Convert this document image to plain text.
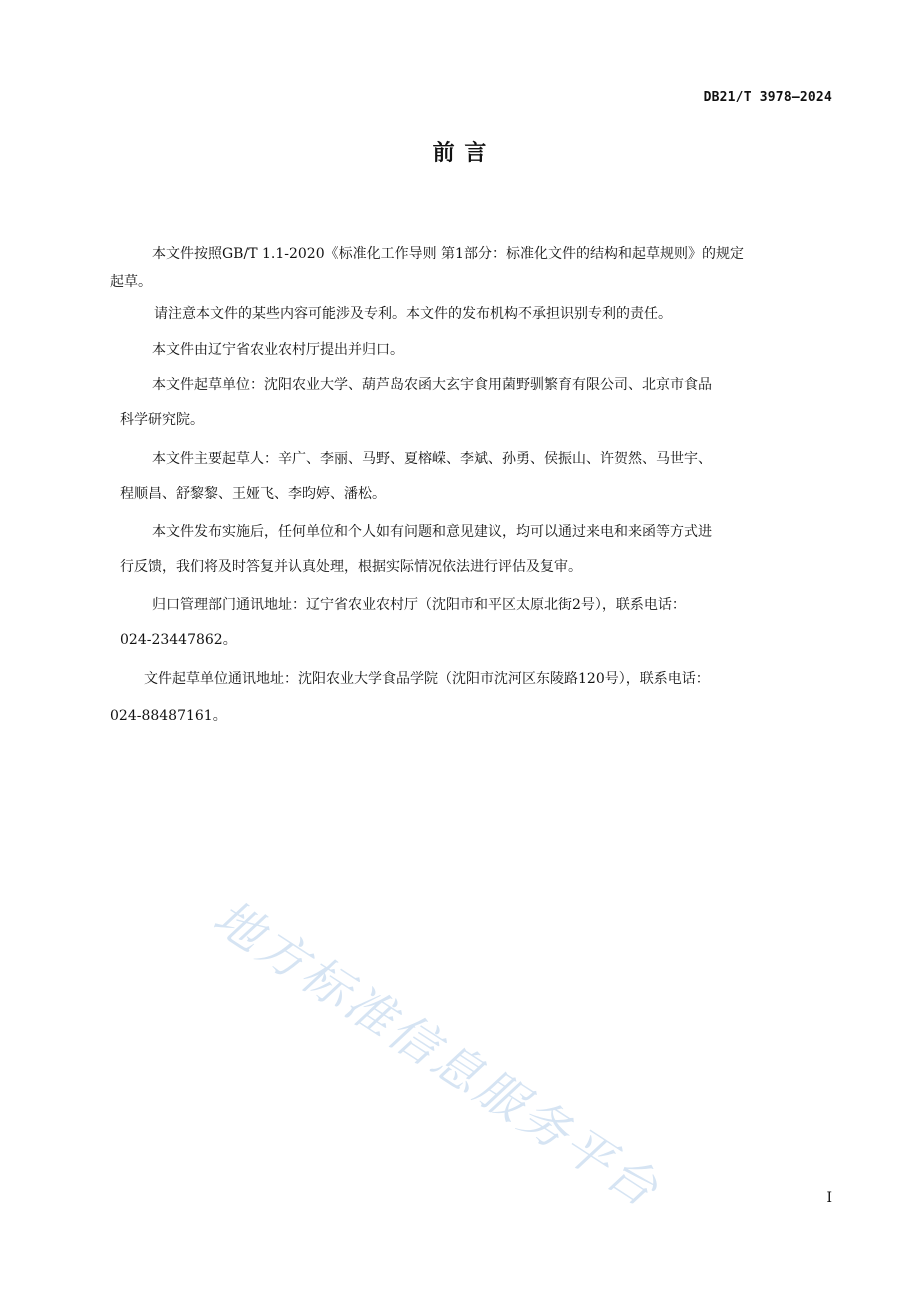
DB21/T 3978—2024
前 言
本文件按照GB/T 1.1-2020《标准化工作导则 第1部分：标准化文件的结构和起草规则》的规定
起草。
请注意本文件的某些内容可能涉及专利。本文件的发布机构不承担识别专利的责任。
本文件由辽宁省农业农村厅提出并归口。
本文件起草单位：沈阳农业大学、葫芦岛农函大玄宇食用菌野驯繁育有限公司、北京市食品
科学研究院。
本文件主要起草人：辛广、李丽、马野、夏榕嵘、李斌、孙勇、侯振山、许贺然、马世宇、
程顺昌、舒黎黎、王娅飞、李昀婷、潘松。
本文件发布实施后，任何单位和个人如有问题和意见建议，均可以通过来电和来函等方式进
行反馈，我们将及时答复并认真处理，根据实际情况依法进行评估及复审。
归口管理部门通讯地址：辽宁省农业农村厅（沈阳市和平区太原北街2号），联系电话：
024-23447862。
文件起草单位通讯地址：沈阳农业大学食品学院（沈阳市沈河区东陵路120号），联系电话：
024-88487161。
地方标准信息服务平台	I
